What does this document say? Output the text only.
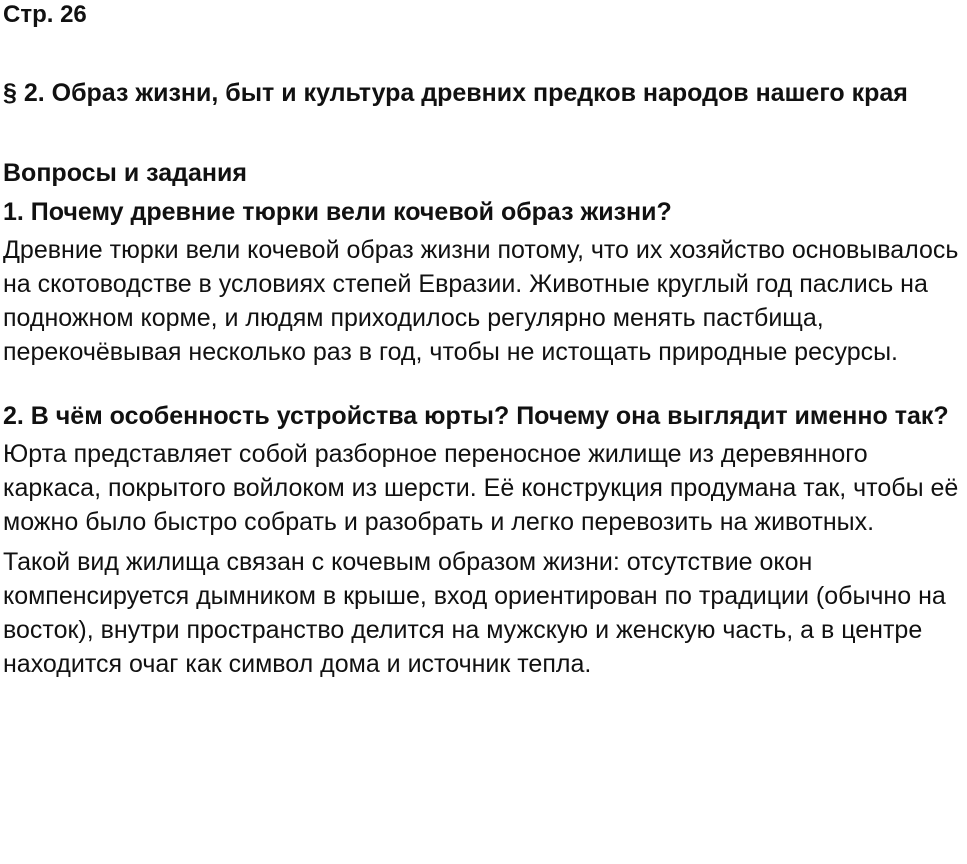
Стр. 26

§ 2. Образ жизни, быт и культура древних предков народов нашего края
Вопросы и задания
1. Почему древние тюрки вели кочевой образ жизни?

Древние тюрки вели кочевой образ жизни потому, что их хозяйство основывалось на скотоводстве в условиях степей Евразии. Животные круглый год паслись на подножном корме, и людям приходилось регулярно менять пастбища, перекочёвывая несколько раз в год, чтобы не истощать природные ресурсы.

2. В чём особенность устройства юрты? Почему она выглядит именно так?

Юрта представляет собой разборное переносное жилище из деревянного каркаса, покрытого войлоком из шерсти. Её конструкция продумана так, чтобы её можно было быстро собрать и разобрать и легко перевозить на животных.

Такой вид жилища связан с кочевым образом жизни: отсутствие окон компенсируется дымником в крыше, вход ориентирован по традиции (обычно на восток), внутри пространство делится на мужскую и женскую часть, а в центре находится очаг как символ дома и источник тепла.
